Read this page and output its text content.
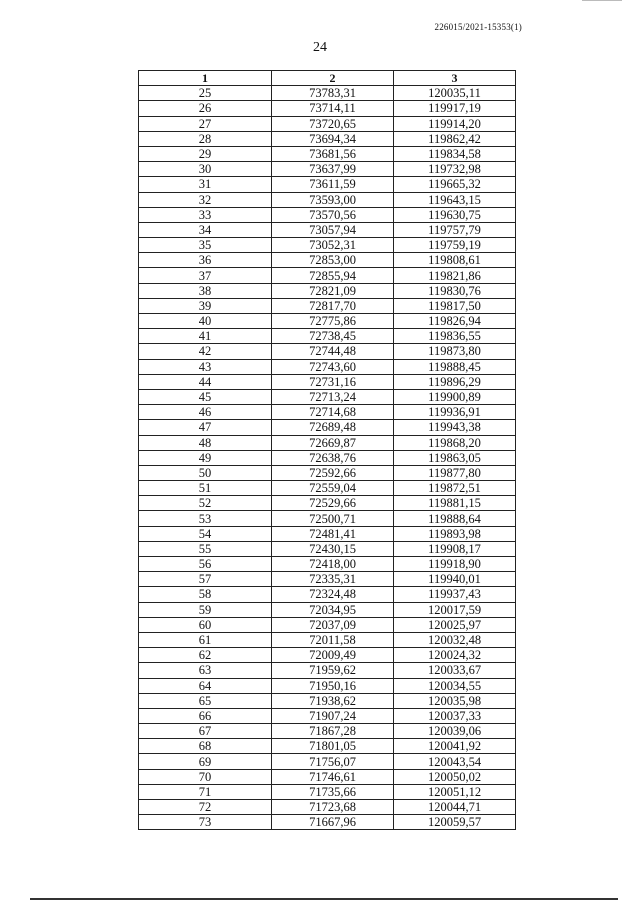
226015/2021-15353(1)
24
1	2	3
25	73783,31	120035,11
26	73714,11	119917,19
27	73720,65	119914,20
28	73694,34	119862,42
29	73681,56	119834,58
30	73637,99	119732,98
31	73611,59	119665,32
32	73593,00	119643,15
33	73570,56	119630,75
34	73057,94	119757,79
35	73052,31	119759,19
36	72853,00	119808,61
37	72855,94	119821,86
38	72821,09	119830,76
39	72817,70	119817,50
40	72775,86	119826,94
41	72738,45	119836,55
42	72744,48	119873,80
43	72743,60	119888,45
44	72731,16	119896,29
45	72713,24	119900,89
46	72714,68	119936,91
47	72689,48	119943,38
48	72669,87	119868,20
49	72638,76	119863,05
50	72592,66	119877,80
51	72559,04	119872,51
52	72529,66	119881,15
53	72500,71	119888,64
54	72481,41	119893,98
55	72430,15	119908,17
56	72418,00	119918,90
57	72335,31	119940,01
58	72324,48	119937,43
59	72034,95	120017,59
60	72037,09	120025,97
61	72011,58	120032,48
62	72009,49	120024,32
63	71959,62	120033,67
64	71950,16	120034,55
65	71938,62	120035,98
66	71907,24	120037,33
67	71867,28	120039,06
68	71801,05	120041,92
69	71756,07	120043,54
70	71746,61	120050,02
71	71735,66	120051,12
72	71723,68	120044,71
73	71667,96	120059,57
